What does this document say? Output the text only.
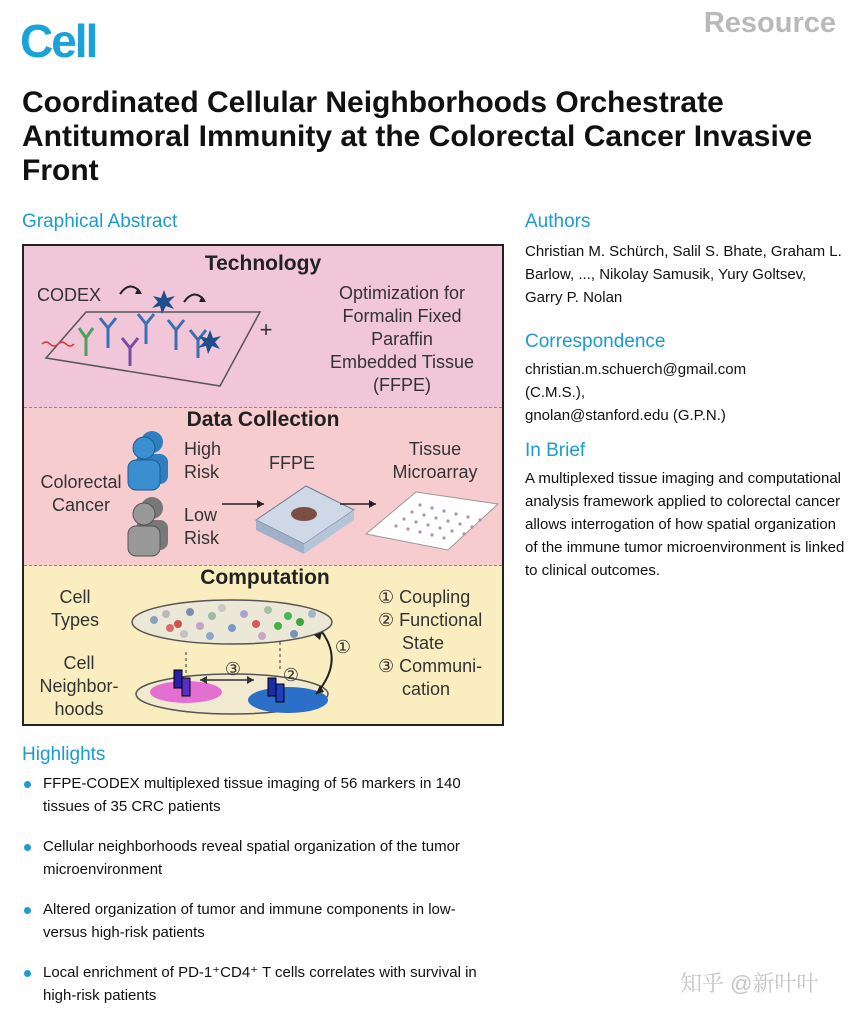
Cell	Resource
Coordinated Cellular Neighborhoods Orchestrate Antitumoral Immunity at the Colorectal Cancer Invasive Front
Graphical Abstract
Technology
CODEX
+
Optimization for
Formalin Fixed
Paraffin
Embedded Tissue
(FFPE)
Data Collection
Colorectal
Cancer
High
Risk
Low
Risk
FFPE
Tissue
Microarray
Computation
Cell
Types
Cell
Neighbor-
hoods
①
②
③
① Coupling
② Functional
State
③ Communi-
cation
Authors
Christian M. Schürch, Salil S. Bhate, Graham L. Barlow, ..., Nikolay Samusik, Yury Goltsev, Garry P. Nolan
Correspondence
christian.m.schuerch@gmail.com
(C.M.S.),
gnolan@stanford.edu (G.P.N.)
In Brief
A multiplexed tissue imaging and computational analysis framework applied to colorectal cancer allows interrogation of how spatial organization of the immune tumor microenvironment is linked to clinical outcomes.
Highlights
FFPE-CODEX multiplexed tissue imaging of 56 markers in 140 tissues of 35 CRC patients
Cellular neighborhoods reveal spatial organization of the tumor microenvironment
Altered organization of tumor and immune components in low- versus high-risk patients
Local enrichment of PD-1⁺CD4⁺ T cells correlates with survival in high-risk patients	知乎 @新叶叶
